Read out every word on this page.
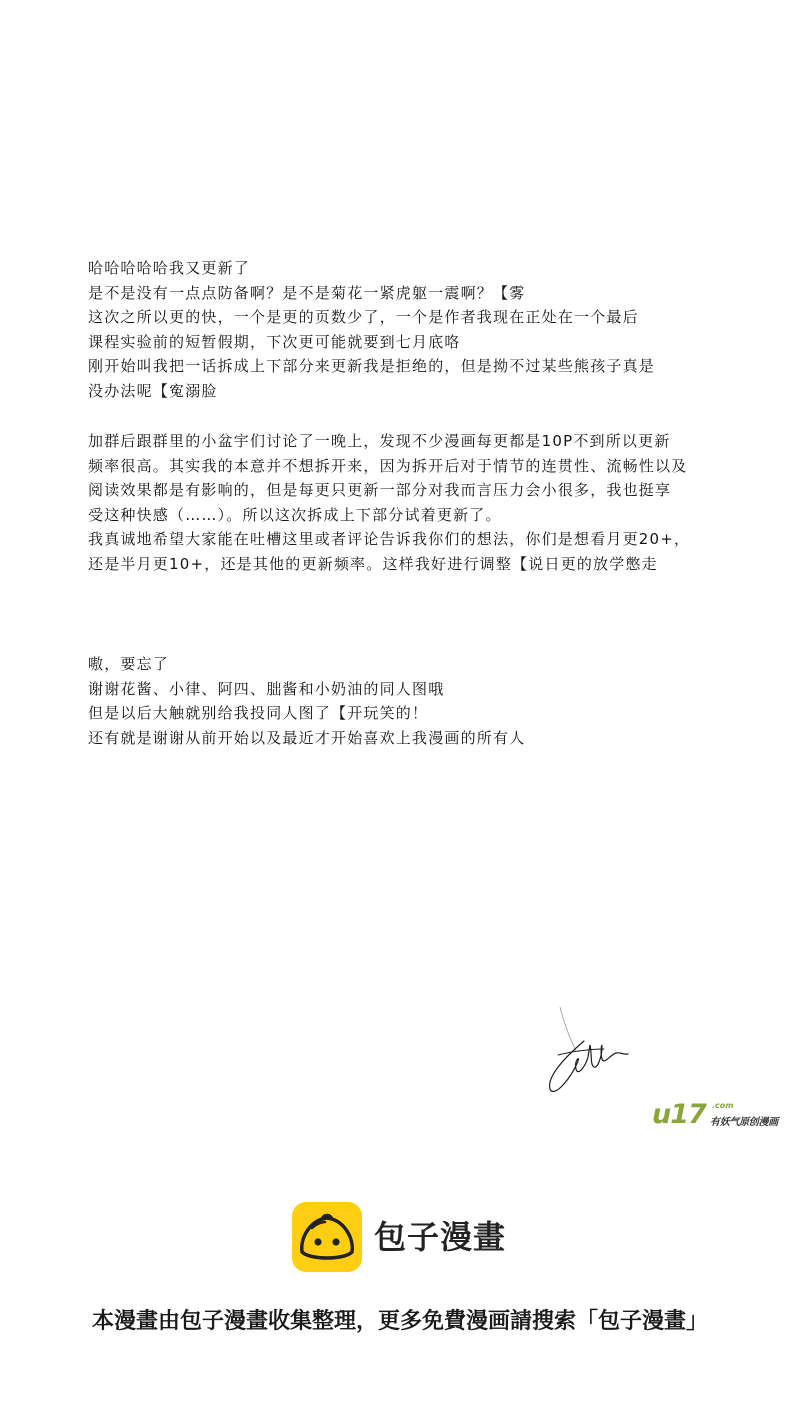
哈哈哈哈哈我又更新了
是不是没有一点点防备啊？是不是菊花一紧虎躯一震啊？【雾
这次之所以更的快，一个是更的页数少了，一个是作者我现在正处在一个最后
课程实验前的短暂假期，下次更可能就要到七月底咯
刚开始叫我把一话拆成上下部分来更新我是拒绝的，但是拗不过某些熊孩子真是
没办法呢【寃溺脸
加群后跟群里的小盆宇们讨论了一晚上，发现不少漫画每更都是10P不到所以更新
频率很高。其实我的本意并不想拆开来，因为拆开后对于情节的连贯性、流畅性以及
阅读效果都是有影响的，但是每更只更新一部分对我而言压力会小很多，我也挺享
受这种快感（……）。所以这次拆成上下部分试着更新了。
我真诚地希望大家能在吐槽这里或者评论告诉我你们的想法，你们是想看月更20+，
还是半月更10+，还是其他的更新频率。这样我好进行调整【说日更的放学憋走
嗷，要忘了
谢谢花酱、小律、阿四、朏酱和小奶油的同人图哦
但是以后大触就别给我投同人图了【开玩笑的！
还有就是谢谢从前开始以及最近才开始喜欢上我漫画的所有人
u17 .com
有妖气原创漫画
包子漫畫
本漫畫由包子漫畫收集整理，更多免費漫画請搜索「包子漫畫」
